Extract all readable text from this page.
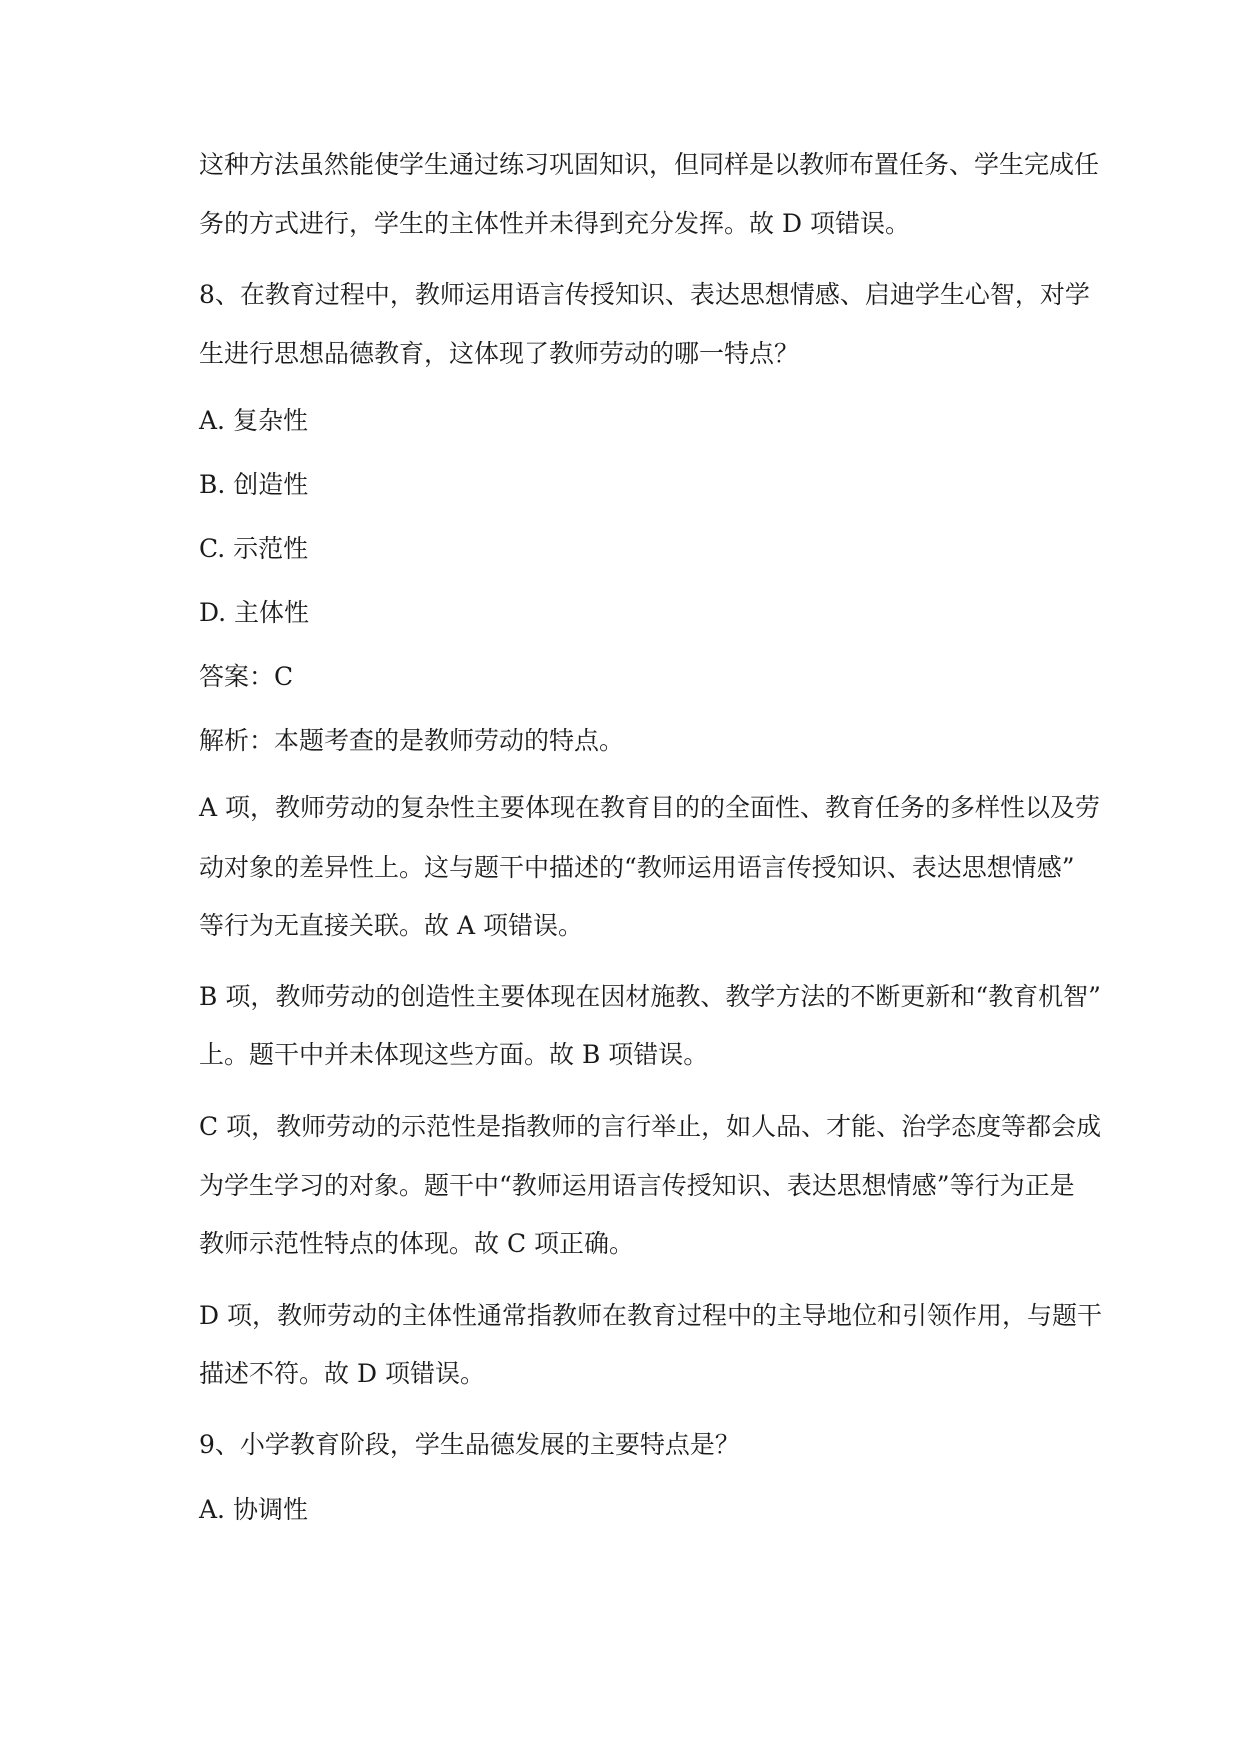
这种方法虽然能使学生通过练习巩固知识，但同样是以教师布置任务、学生完成任
务的方式进行，学生的主体性并未得到充分发挥。故 D 项错误。
8、在教育过程中，教师运用语言传授知识、表达思想情感、启迪学生心智，对学
生进行思想品德教育，这体现了教师劳动的哪一特点？
A. 复杂性
B. 创造性
C. 示范性
D. 主体性
答案：C
解析：本题考查的是教师劳动的特点。
A 项，教师劳动的复杂性主要体现在教育目的的全面性、教育任务的多样性以及劳
动对象的差异性上。这与题干中描述的“教师运用语言传授知识、表达思想情感”
等行为无直接关联。故 A 项错误。
B 项，教师劳动的创造性主要体现在因材施教、教学方法的不断更新和“教育机智”
上。题干中并未体现这些方面。故 B 项错误。
C 项，教师劳动的示范性是指教师的言行举止，如人品、才能、治学态度等都会成
为学生学习的对象。题干中“教师运用语言传授知识、表达思想情感”等行为正是
教师示范性特点的体现。故 C 项正确。
D 项，教师劳动的主体性通常指教师在教育过程中的主导地位和引领作用，与题干
描述不符。故 D 项错误。
9、小学教育阶段，学生品德发展的主要特点是？
A. 协调性
